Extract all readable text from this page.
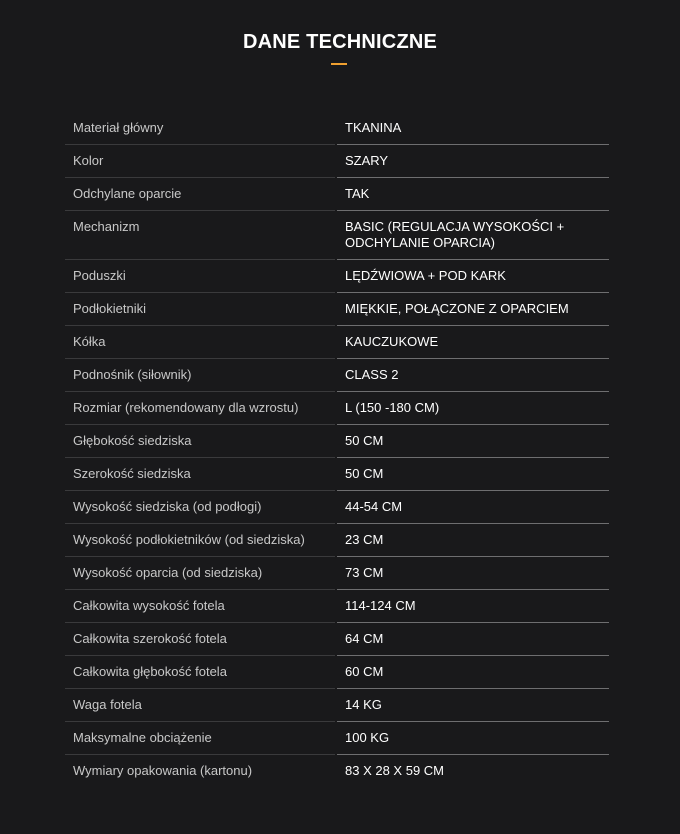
DANE TECHNICZNE
Materiał główny	TKANINA
Kolor	SZARY
Odchylane oparcie	TAK
Mechanizm	BASIC (REGULACJA WYSOKOŚCI + ODCHYLANIE OPARCIA)
Poduszki	LĘDŹWIOWA + POD KARK
Podłokietniki	MIĘKKIE, POŁĄCZONE Z OPARCIEM
Kółka	KAUCZUKOWE
Podnośnik (siłownik)	CLASS 2
Rozmiar (rekomendowany dla wzrostu)	L (150 -180 CM)
Głębokość siedziska	50 CM
Szerokość siedziska	50 CM
Wysokość siedziska (od podłogi)	44-54 CM
Wysokość podłokietników (od siedziska)	23 CM
Wysokość oparcia (od siedziska)	73 CM
Całkowita wysokość fotela	114-124 CM
Całkowita szerokość fotela	64 CM
Całkowita głębokość fotela	60 CM
Waga fotela	14 KG
Maksymalne obciążenie	100 KG
Wymiary opakowania (kartonu)	83 X 28 X 59 CM
